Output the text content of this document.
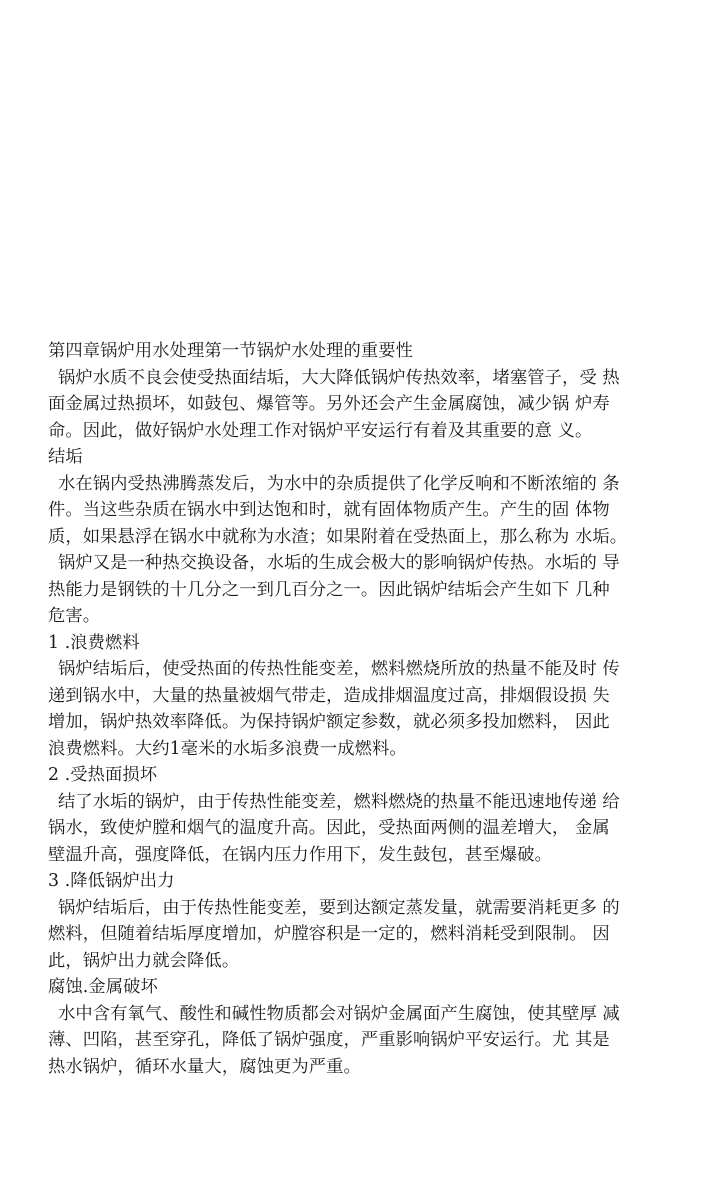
第四章锅炉用水处理第一节锅炉水处理的重要性
锅炉水质不良会使受热面结垢，大大降低锅炉传热效率，堵塞管子，受 热
面金属过热损坏，如鼓包、爆管等。另外还会产生金属腐蚀，减少锅 炉寿
命。因此，做好锅炉水处理工作对锅炉平安运行有着及其重要的意 义。
结垢
水在锅内受热沸腾蒸发后，为水中的杂质提供了化学反响和不断浓缩的 条
件。当这些杂质在锅水中到达饱和时，就有固体物质产生。产生的固 体物
质，如果悬浮在锅水中就称为水渣；如果附着在受热面上，那么称为 水垢。
锅炉又是一种热交换设备，水垢的生成会极大的影响锅炉传热。水垢的 导
热能力是钢铁的十几分之一到几百分之一。因此锅炉结垢会产生如下 几种
危害。
1 .浪费燃料
锅炉结垢后，使受热面的传热性能变差，燃料燃烧所放的热量不能及时 传
递到锅水中，大量的热量被烟气带走，造成排烟温度过高，排烟假设损 失
增加，锅炉热效率降低。为保持锅炉额定参数，就必须多投加燃料， 因此
浪费燃料。大约1毫米的水垢多浪费一成燃料。
2 .受热面损坏
结了水垢的锅炉，由于传热性能变差，燃料燃烧的热量不能迅速地传递 给
锅水，致使炉膛和烟气的温度升高。因此，受热面两侧的温差增大， 金属
壁温升高，强度降低，在锅内压力作用下，发生鼓包，甚至爆破。
3 .降低锅炉出力
锅炉结垢后，由于传热性能变差，要到达额定蒸发量，就需要消耗更多 的
燃料，但随着结垢厚度增加，炉膛容积是一定的，燃料消耗受到限制。 因
此，锅炉出力就会降低。
腐蚀.金属破坏
水中含有氧气、酸性和碱性物质都会对锅炉金属面产生腐蚀，使其壁厚 减
薄、凹陷，甚至穿孔，降低了锅炉强度，严重影响锅炉平安运行。尤 其是
热水锅炉，循环水量大，腐蚀更为严重。
